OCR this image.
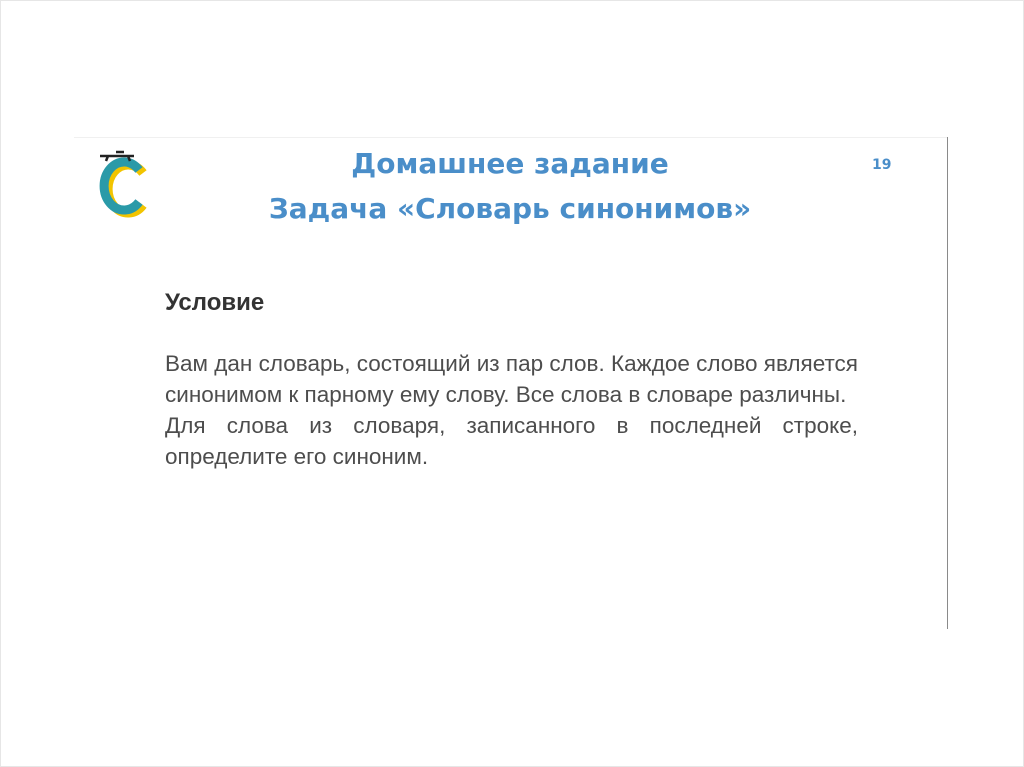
Домашнее задание
Задача «Словарь синонимов»
19
Условие

Вам дан словарь, состоящий из пар слов. Каждое слово является синонимом к парному ему слову. Все слова в словаре различны.

Для слова из словаря, записанного в последней строке, определите его синоним.
